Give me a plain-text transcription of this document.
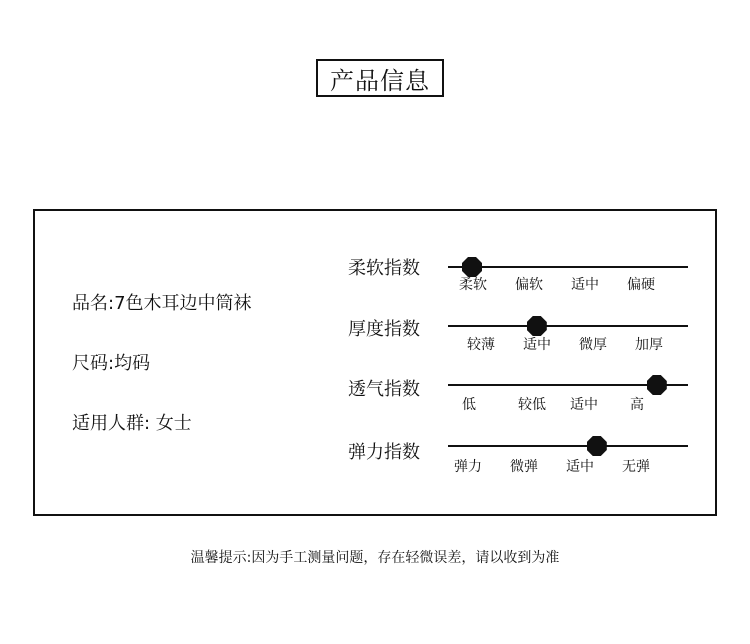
产品信息
品名:7色木耳边中筒袜
尺码:均码
适用人群: 女士
柔软指数
柔软 偏软 适中 偏硬
厚度指数
较薄 适中 微厚 加厚
透气指数
低	较低 适中 高
弹力指数
弹力 微弹 适中 无弹
温馨提示:因为手工测量问题，存在轻微误差，请以收到为准
